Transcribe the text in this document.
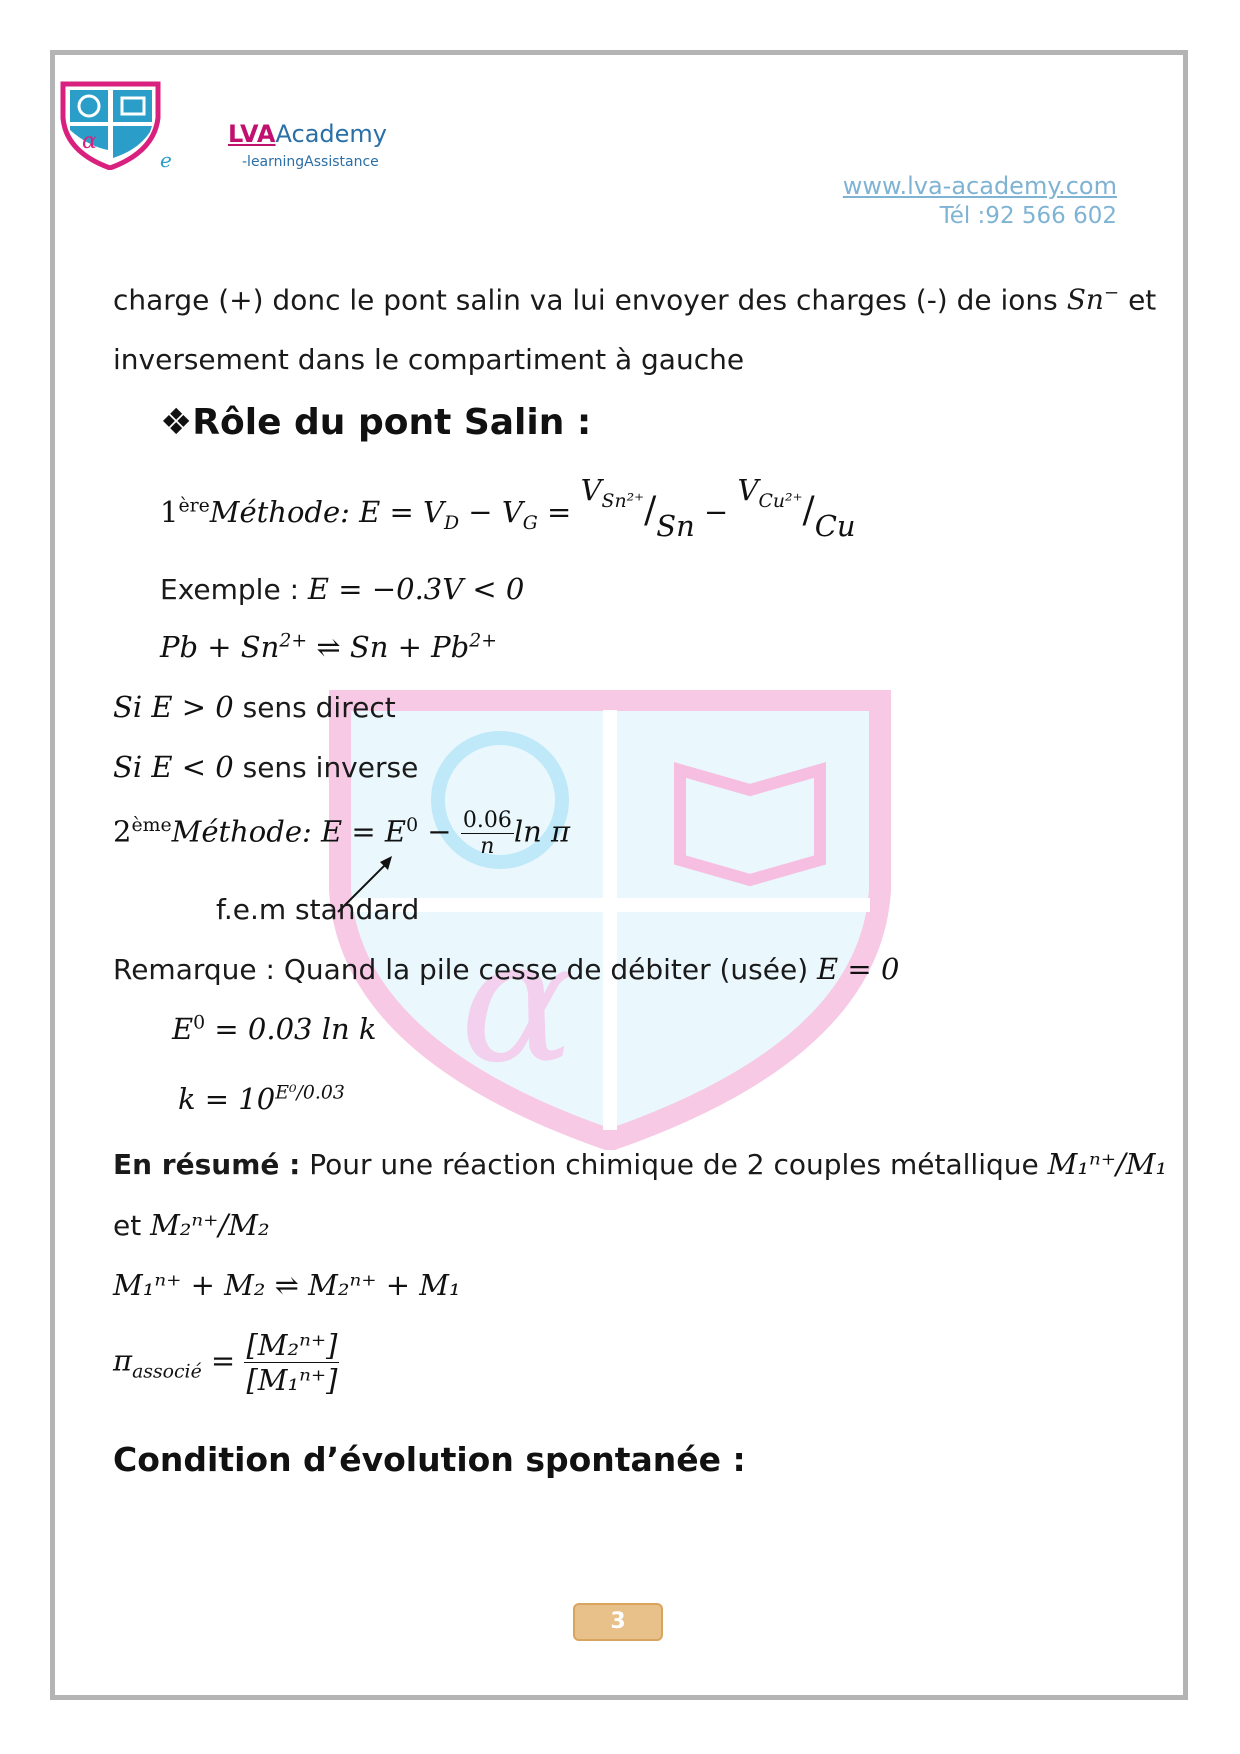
α
α
e
LVAAcademy
-learningAssistance
www.lva-academy.com
Tél :92 566 602
charge (+) donc le pont salin va lui envoyer des charges (-) de ions Sn− et
inversement dans le compartiment à gauche
❖Rôle du pont Salin :
1èreMéthode: $E = V_D - V_G = V_{Sn^{2+}}/Sn - V_{Cu^{2+}}/Cu$
Exemple : E = −0.3V < 0
$Pb + Sn^{2+}$ ⇌ $Sn + Pb^{2+}$
Si E > 0 sens direct
Si E < 0 sens inverse
2èmeMéthode: $E = E^0 - \frac{0.06}{n}$ ln π
f.e.m standard
Remarque : Quand la pile cesse de débiter (usée) E = 0
$E^0 = 0.03$ ln k
$k = 10^{E^0/0.03}$
En résumé : Pour une réaction chimique de 2 couples métallique M₁ⁿ⁺/M₁
et M₂ⁿ⁺/M₂
M₁ⁿ⁺ + M₂ ⇌ M₂ⁿ⁺ + M₁
$\pi_{associé} = \frac{\text{[M₂ⁿ⁺]}}{\text{[M₁ⁿ⁺]}}$
Condition d’évolution spontanée :
3
